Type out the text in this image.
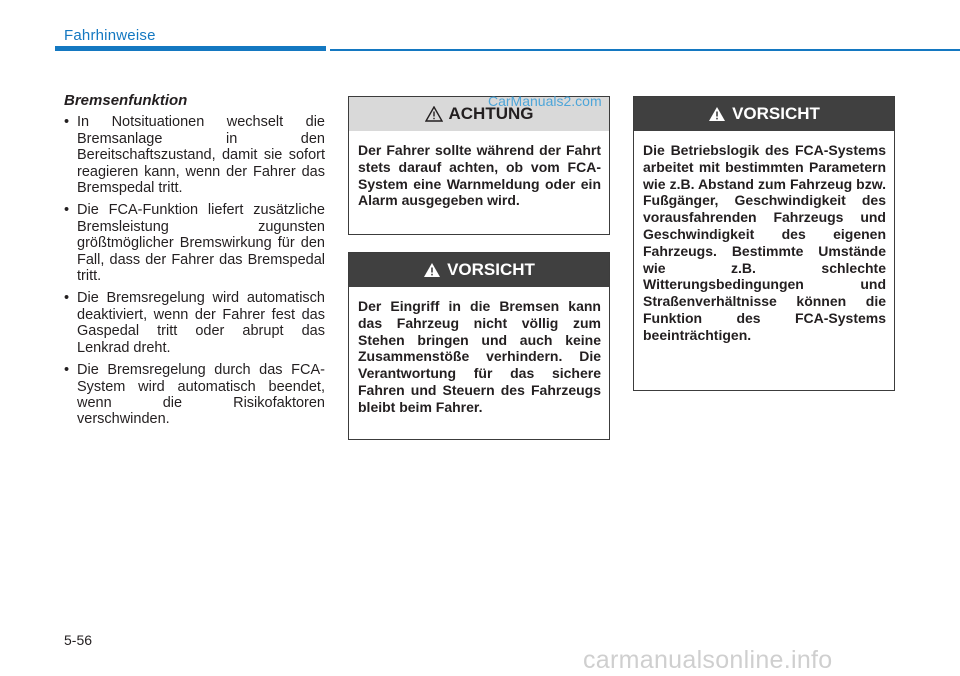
Fahrhinweise
Bremsenfunktion
• In Notsituationen wechselt die Bremsanlage in den Bereitschaftszustand, damit sie sofort reagieren kann, wenn der Fahrer das Bremspedal tritt.
• Die FCA-Funktion liefert zusätzliche Bremsleistung zugunsten größtmöglicher Bremswirkung für den Fall, dass der Fahrer das Bremspedal tritt.
• Die Bremsregelung wird automatisch deaktiviert, wenn der Fahrer fest das Gaspedal tritt oder abrupt das Lenkrad dreht.
• Die Bremsregelung durch das FCA-System wird automatisch beendet, wenn die Risikofaktoren verschwinden.
ACHTUNG
Der Fahrer sollte während der Fahrt stets darauf achten, ob vom FCA-System eine Warnmeldung oder ein Alarm ausgegeben wird.
VORSICHT
Der Eingriff in die Bremsen kann das Fahrzeug nicht völlig zum Stehen bringen und auch keine Zusammenstöße verhindern. Die Verantwortung für das sichere Fahren und Steuern des Fahrzeugs bleibt beim Fahrer.
VORSICHT
Die Betriebslogik des FCA-Systems arbeitet mit bestimmten Parametern wie z.B. Abstand zum Fahrzeug bzw. Fußgänger, Geschwindigkeit des vorausfahrenden Fahrzeugs und Geschwindigkeit des eigenen Fahrzeugs. Bestimmte Umstände wie z.B. schlechte Witterungsbedingungen und Straßenverhältnisse können die Funktion des FCA-Systems beeinträchtigen.
CarManuals2.com
5-56
carmanualsonline.info
